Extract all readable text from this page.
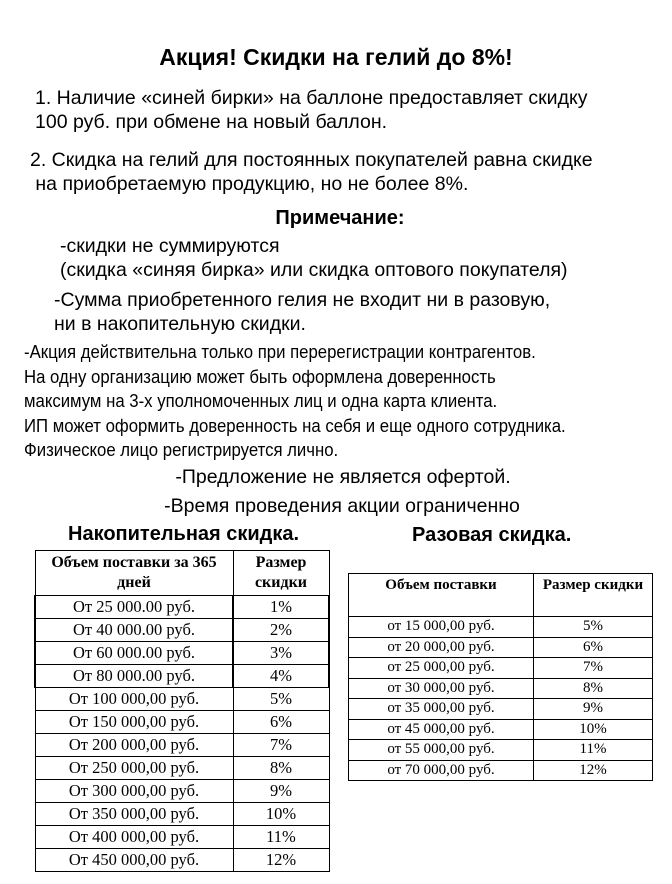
Акция! Скидки на гелий до 8%!
1. Наличие «синей бирки» на баллоне предоставляет скидку
100 руб. при обмене на новый баллон.
2. Скидка на гелий для постоянных покупателей равна скидке
на приобретаемую продукцию, но не более 8%.
Примечание:
-скидки не суммируются
(скидка «синяя бирка» или скидка оптового покупателя)
-Сумма приобретенного гелия не входит ни в разовую,
ни в накопительную скидки.
-Акция действительна только при перерегистрации контрагентов.
На одну организацию может быть оформлена доверенность
максимум на 3-х уполномоченных лиц и одна карта клиента.
ИП может оформить доверенность на себя и еще одного сотрудника.
Физическое лицо регистрируется лично.
-Предложение не является офертой.
-Время проведения акции ограниченно
Накопительная скидка.	Разовая скидка.
Объем поставки за 365 дней	Размер скидки
От 25 000.00 руб.	1%
От 40 000.00 руб.	2%
От 60 000.00 руб.	3%
От 80 000.00 руб.	4%
От 100 000,00 руб.	5%
От 150 000,00 руб.	6%
От 200 000,00 руб.	7%
От 250 000,00 руб.	8%
От 300 000,00 руб.	9%
От 350 000,00 руб.	10%
От 400 000,00 руб.	11%
От 450 000,00 руб.	12%
Объем поставки	Размер скидки
от 15 000,00 руб.	5%
от 20 000,00 руб.	6%
от 25 000,00 руб.	7%
от 30 000,00 руб.	8%
от 35 000,00 руб.	9%
от 45 000,00 руб.	10%
от 55 000,00 руб.	11%
от 70 000,00 руб.	12%
